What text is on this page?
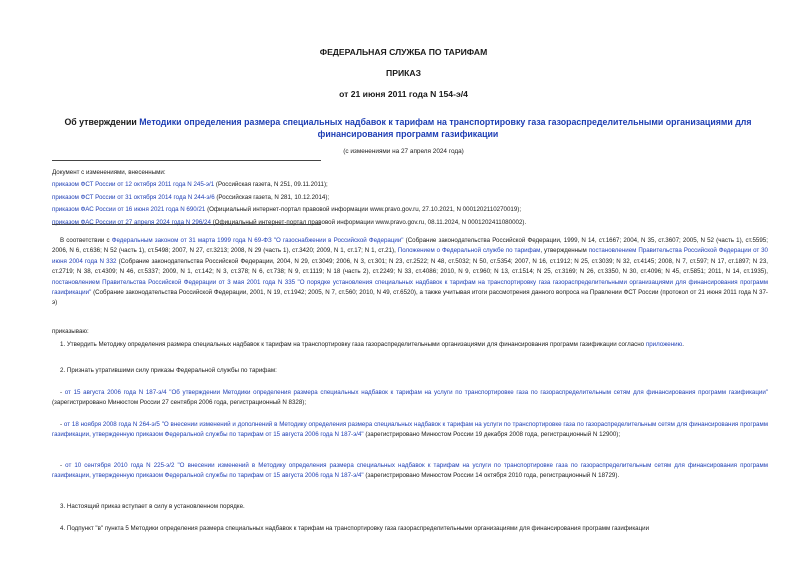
ФЕДЕРАЛЬНАЯ СЛУЖБА ПО ТАРИФАМ
ПРИКАЗ
от 21 июня 2011 года N 154-э/4
Об утверждении Методики определения размера специальных надбавок к тарифам на транспортировку газа газораспределительными организациями для финансирования программ газификации
(с изменениями на 27 апреля 2024 года)
Документ с изменениями, внесенными:
приказом ФСТ России от 12 октября 2011 года N 245-э/1 (Российская газета, N 251, 09.11.2011);
приказом ФСТ России от 31 октября 2014 года N 244-э/6 (Российская газета, N 281, 10.12.2014);
приказом ФАС России от 16 июня 2021 года N 690/21 (Официальный интернет-портал правовой информации www.pravo.gov.ru, 27.10.2021, N 0001202110270019);
приказом ФАС России от 27 апреля 2024 года N 296/24 (Официальный интернет-портал правовой информации www.pravo.gov.ru, 08.11.2024, N 0001202411080002).
В соответствии с Федеральным законом от 31 марта 1999 года N 69-ФЗ "О газоснабжении в Российской Федерации" (Собрание законодательства Российской Федерации, 1999, N 14, ст.1667; 2004, N 35, ст.3607; 2005, N 52 (часть 1), ст.5595; 2006, N 6, ст.636; N 52 (часть 1), ст.5498; 2007, N 27, ст.3213; 2008, N 29 (часть 1), ст.3420; 2009, N 1, ст.17; N 1, ст.21), Положением о Федеральной службе по тарифам, утвержденным постановлением Правительства Российской Федерации от 30 июня 2004 года N 332 (Собрание законодательства Российской Федерации, 2004, N 29, ст.3049; 2006, N 3, ст.301; N 23, ст.2522; N 48, ст.5032; N 50, ст.5354; 2007, N 16, ст.1912; N 25, ст.3039; N 32, ст.4145; 2008, N 7, ст.597; N 17, ст.1897; N 23, ст.2719; N 38, ст.4309; N 46, ст.5337; 2009, N 1, ст.142; N 3, ст.378; N 6, ст.738; N 9, ст.1119; N 18 (часть 2), ст.2249; N 33, ст.4086; 2010, N 9, ст.960; N 13, ст.1514; N 25, ст.3169; N 26, ст.3350, N 30, ст.4096; N 45, ст.5851; 2011, N 14, ст.1935), постановлением Правительства Российской Федерации от 3 мая 2001 года N 335 "О порядке установления специальных надбавок к тарифам на транспортировку газа газораспределительными организациями для финансирования программ газификации" (Собрание законодательства Российской Федерации, 2001, N 19, ст.1942; 2005, N 7, ст.560; 2010, N 49, ст.6520), а также учитывая итоги рассмотрения данного вопроса на Правлении ФСТ России (протокол от 21 июня 2011 года N 37-э)
приказываю:
1. Утвердить Методику определения размера специальных надбавок к тарифам на транспортировку газа газораспределительными организациями для финансирования программ газификации согласно приложению.
2. Признать утратившими силу приказы Федеральной службы по тарифам:
- от 15 августа 2006 года N 187-э/4 "Об утверждении Методики определения размера специальных надбавок к тарифам на услуги по транспортировке газа по газораспределительным сетям для финансирования программ газификации" (зарегистрировано Минюстом России 27 сентября 2006 года, регистрационный N 8328);
- от 18 ноября 2008 года N 264-э/5 "О внесении изменений и дополнений в Методику определения размера специальных надбавок к тарифам на услуги по транспортировке газа по газораспределительным сетям для финансирования программ газификации, утвержденную приказом Федеральной службы по тарифам от 15 августа 2006 года N 187-э/4" (зарегистрировано Минюстом России 19 декабря 2008 года, регистрационный N 12900);
- от 10 сентября 2010 года N 225-э/2 "О внесении изменений в Методику определения размера специальных надбавок к тарифам на услуги по транспортировке газа по газораспределительным сетям для финансирования программ газификации, утвержденную приказом Федеральной службы по тарифам от 15 августа 2006 года N 187-э/4" (зарегистрировано Минюстом России 14 октября 2010 года, регистрационный N 18729).
3. Настоящий приказ вступает в силу в установленном порядке.
4. Подпункт "в" пункта 5 Методики определения размера специальных надбавок к тарифам на транспортировку газа газораспределительными организациями для финансирования программ газификации
